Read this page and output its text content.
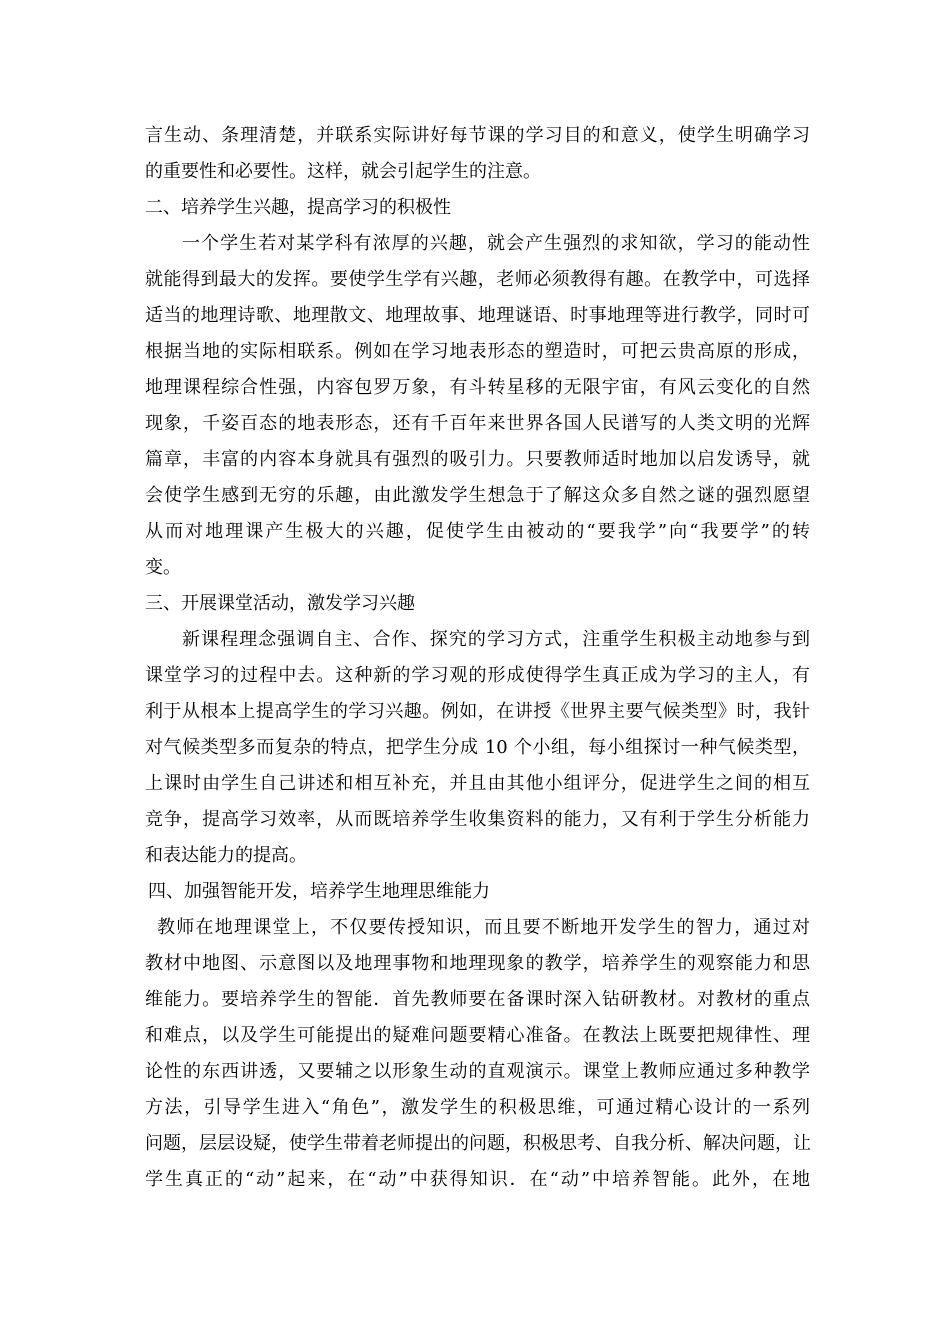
言生动、条理清楚，并联系实际讲好每节课的学习目的和意义，使学生明确学习
的重要性和必要性。这样，就会引起学生的注意。
二、培养学生兴趣，提高学习的积极性
一个学生若对某学科有浓厚的兴趣，就会产生强烈的求知欲，学习的能动性
就能得到最大的发挥。要使学生学有兴趣，老师必须教得有趣。在教学中，可选择
适当的地理诗歌、地理散文、地理故事、地理谜语、时事地理等进行教学，同时可
根据当地的实际相联系。例如在学习地表形态的塑造时，可把云贵高原的形成，
地理课程综合性强，内容包罗万象，有斗转星移的无限宇宙，有风云变化的自然
现象，千姿百态的地表形态，还有千百年来世界各国人民谱写的人类文明的光辉
篇章，丰富的内容本身就具有强烈的吸引力。只要教师适时地加以启发诱导，就
会使学生感到无穷的乐趣，由此激发学生想急于了解这众多自然之谜的强烈愿望
从而对地理课产生极大的兴趣，促使学生由被动的“要我学”向“我要学”的转
变。
三、开展课堂活动，激发学习兴趣
新课程理念强调自主、合作、探究的学习方式，注重学生积极主动地参与到
课堂学习的过程中去。这种新的学习观的形成使得学生真正成为学习的主人，有
利于从根本上提高学生的学习兴趣。例如，在讲授《世界主要气候类型》时，我针
对气候类型多而复杂的特点，把学生分成 10 个小组，每小组探讨一种气候类型，
上课时由学生自己讲述和相互补充，并且由其他小组评分，促进学生之间的相互
竞争，提高学习效率，从而既培养学生收集资料的能力，又有利于学生分析能力
和表达能力的提高。
四、加强智能开发，培养学生地理思维能力
教师在地理课堂上，不仅要传授知识，而且要不断地开发学生的智力，通过对
教材中地图、示意图以及地理事物和地理现象的教学，培养学生的观察能力和思
维能力。要培养学生的智能．首先教师要在备课时深入钻研教材。对教材的重点
和难点，以及学生可能提出的疑难问题要精心准备。在教法上既要把规律性、理
论性的东西讲透，又要辅之以形象生动的直观演示。课堂上教师应通过多种教学
方法，引导学生进入“角色”，激发学生的积极思维，可通过精心设计的一系列
问题，层层设疑，使学生带着老师提出的问题，积极思考、自我分析、解决问题，让
学生真正的“动”起来，在“动”中获得知识．在“动”中培养智能。此外，在地
